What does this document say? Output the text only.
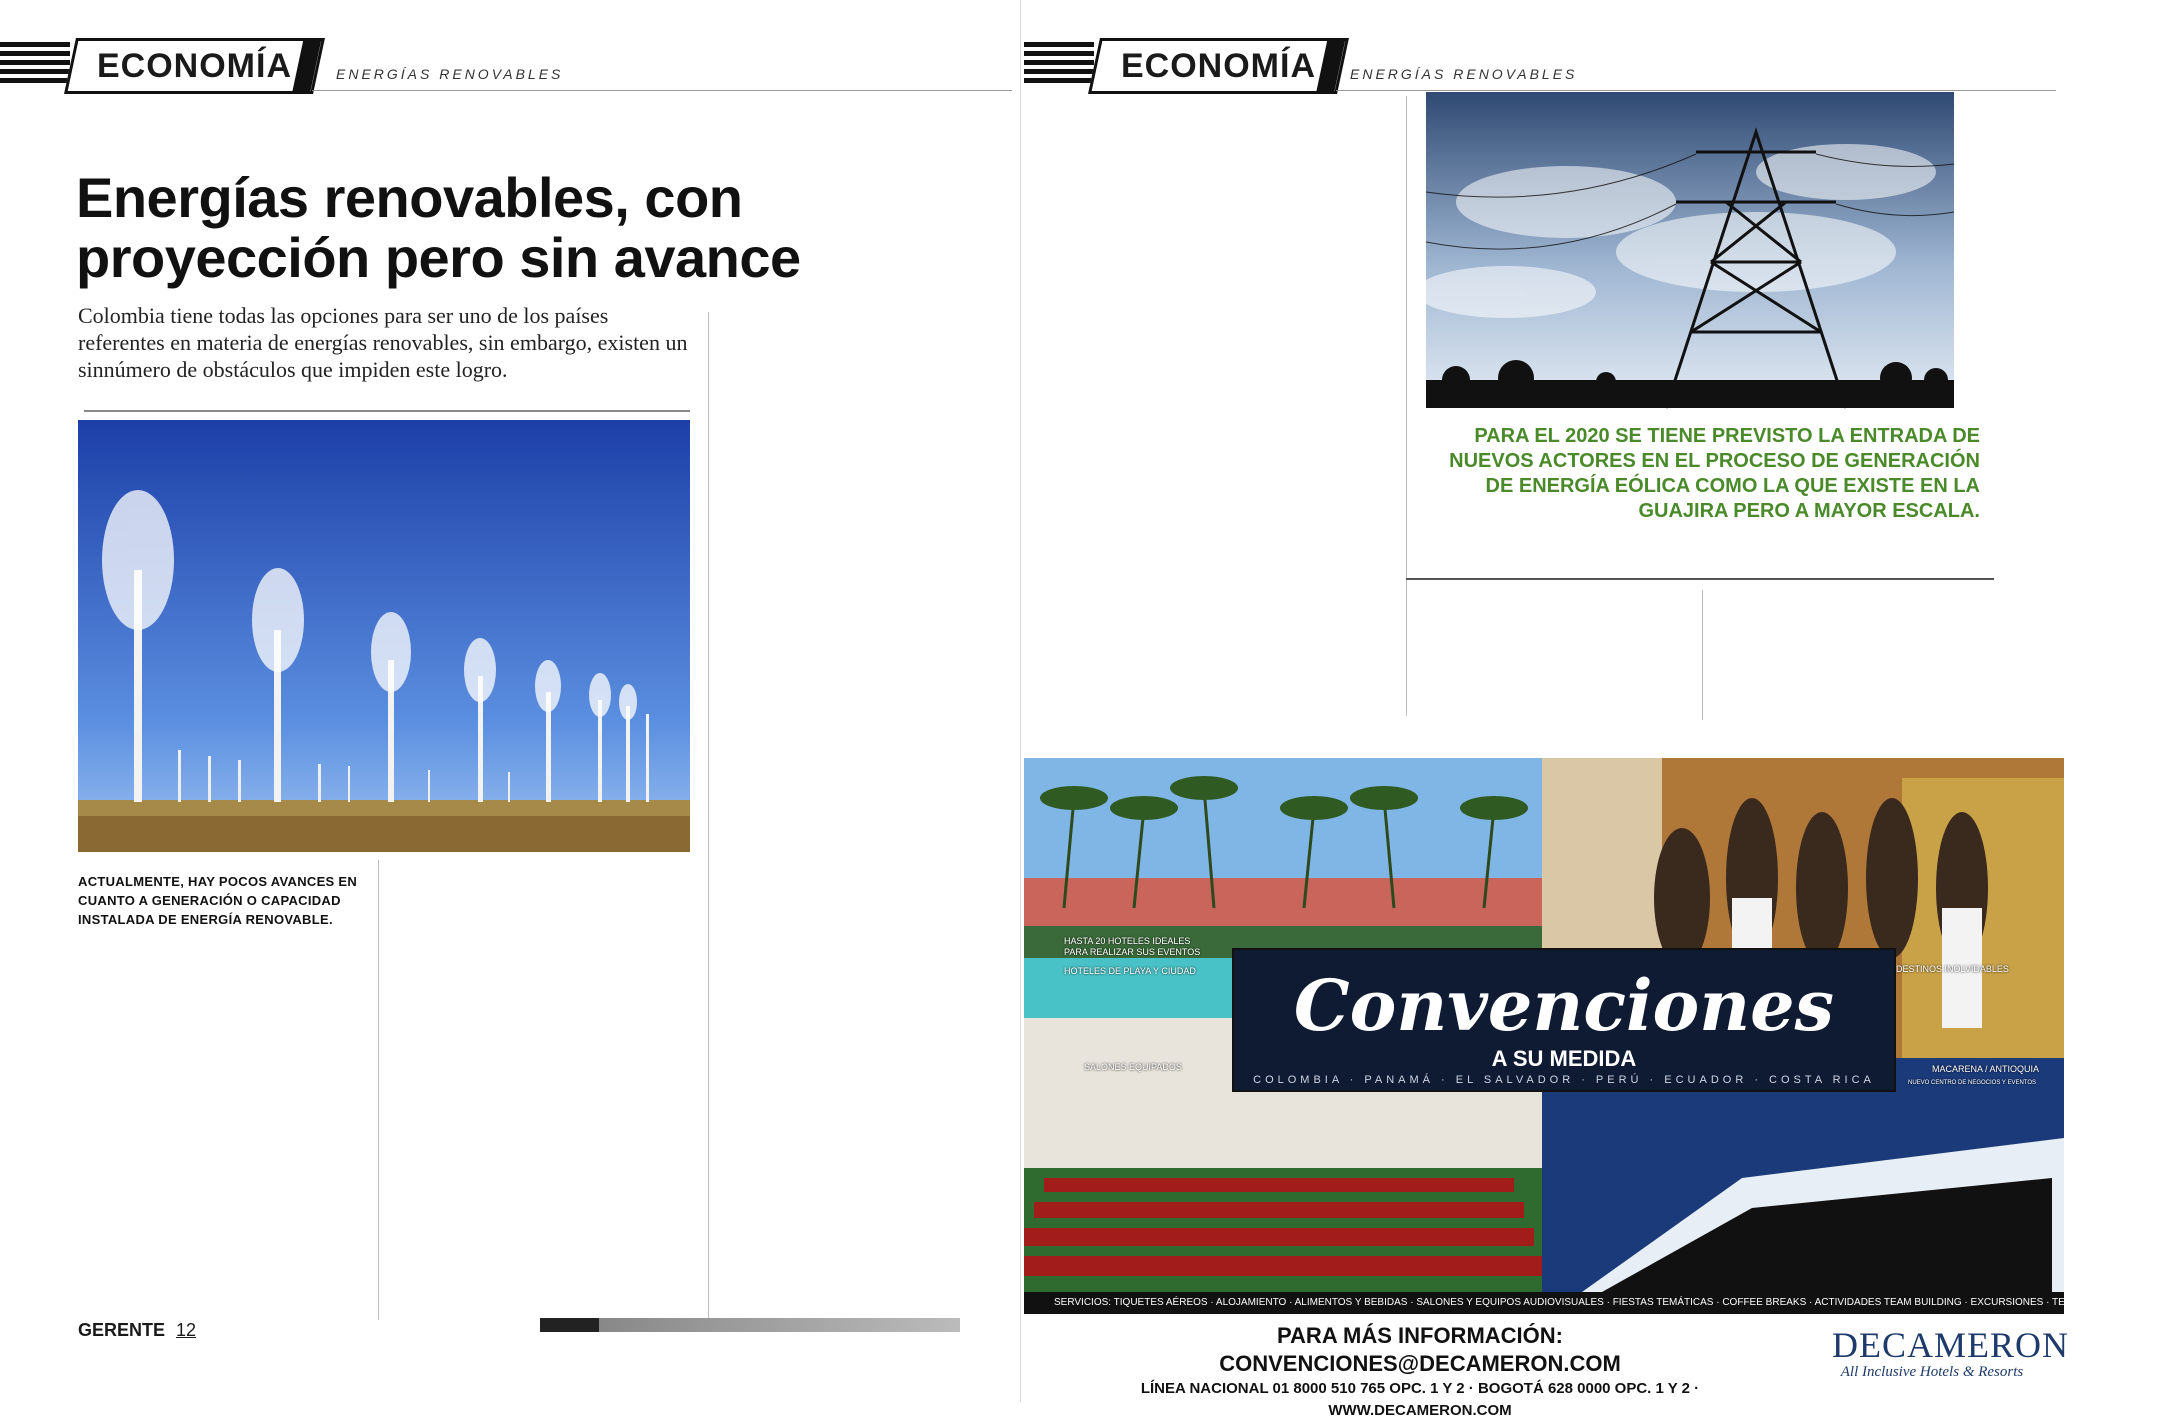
ECONOMÍA	ENERGÍAS RENOVABLES
Energías renovables, con proyección pero sin avance
Colombia tiene todas las opciones para ser uno de los países referentes en materia de energías renovables, sin embargo, existen un sinnúmero de obstáculos que impiden este logro.
ACTUALMENTE, HAY POCOS AVANCES EN CUANTO A GENERACIÓN O CAPACIDAD INSTALADA DE ENERGÍA RENOVABLE.
GERENTE 12
ECONOMÍA	ENERGÍAS RENOVABLES
PARA EL 2020 SE TIENE PREVISTO LA ENTRADA DE NUEVOS ACTORES EN EL PROCESO DE GENERACIÓN DE ENERGÍA EÓLICA COMO LA QUE EXISTE EN LA GUAJIRA PERO A MAYOR ESCALA.
Convenciones
A SU MEDIDA
COLOMBIA · PANAMÁ · EL SALVADOR · PERÚ · ECUADOR · COSTA RICA
HASTA 20 HOTELES IDEALES PARA REALIZAR SUS EVENTOS
HOTELES DE PLAYA Y CIUDAD	DESTINOS INOLVIDABLES
SALONES EQUIPADOS	MACARENA / ANTIOQUIA
NUEVO CENTRO DE NEGOCIOS Y EVENTOS
SERVICIOS: TIQUETES AÉREOS · ALOJAMIENTO · ALIMENTOS Y BEBIDAS · SALONES Y EQUIPOS AUDIOVISUALES · FIESTAS TEMÁTICAS · COFFEE BREAKS · ACTIVIDADES TEAM BUILDING · EXCURSIONES · TECNOLOGÍA DE PUNTA
PARA MÁS INFORMACIÓN: CONVENCIONES@DECAMERON.COM
LÍNEA NACIONAL 01 8000 510 765 OPC. 1 Y 2 · BOGOTÁ 628 0000 OPC. 1 Y 2 · WWW.DECAMERON.COM
DECAMERON
All Inclusive Hotels & Resorts
